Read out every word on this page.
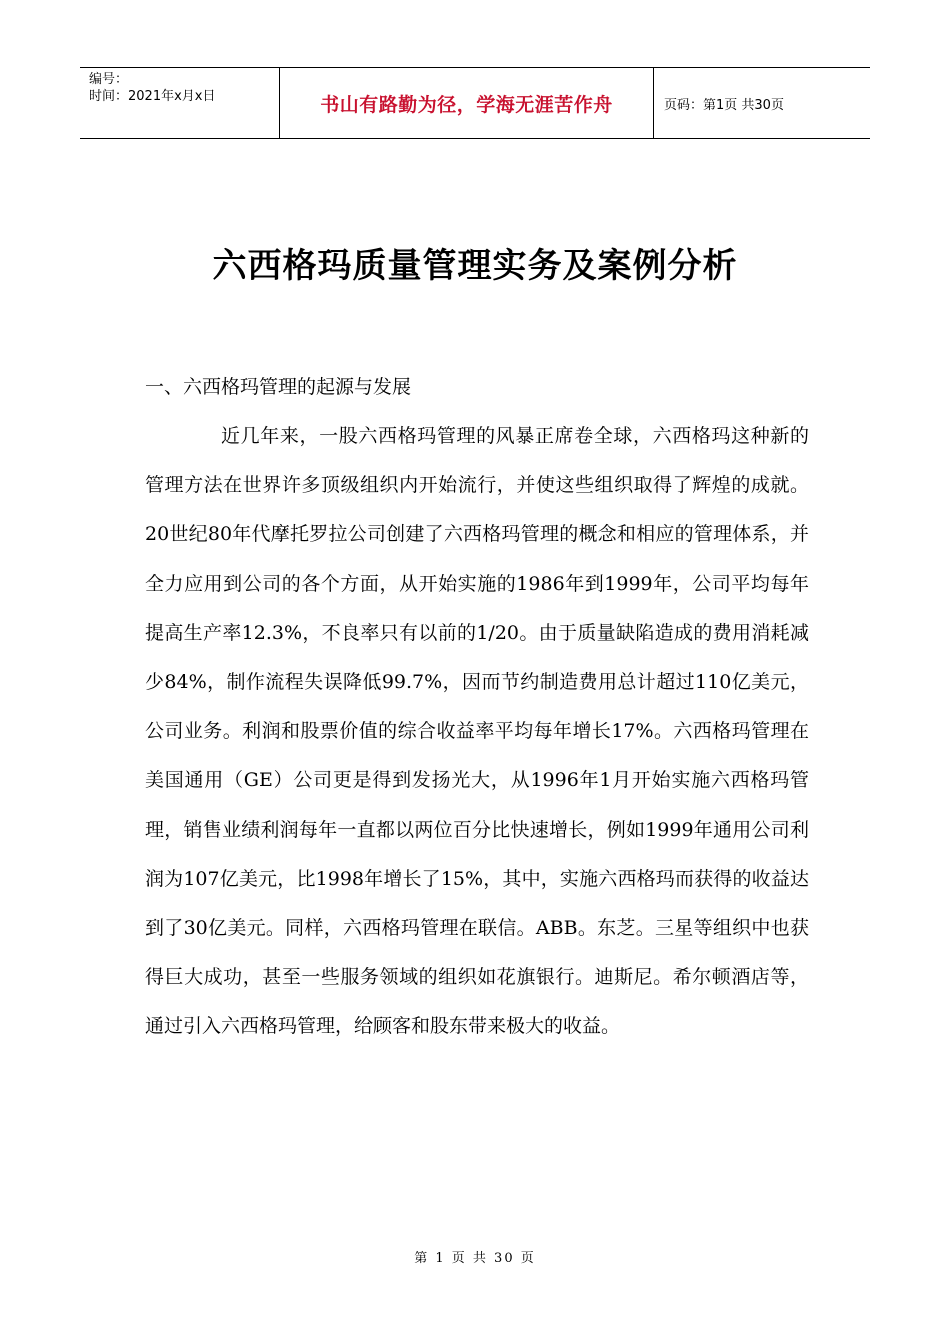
编号：
时间：2021年x月x日	书山有路勤为径，学海无涯苦作舟	页码：第1页 共30页
六西格玛质量管理实务及案例分析
一、六西格玛管理的起源与发展

近几年来，一股六西格玛管理的风暴正席卷全球，六西格玛这种新的管理方法在世界许多顶级组织内开始流行，并使这些组织取得了辉煌的成就。20世纪80年代摩托罗拉公司创建了六西格玛管理的概念和相应的管理体系，并全力应用到公司的各个方面，从开始实施的1986年到1999年，公司平均每年提高生产率12.3%，不良率只有以前的1/20。由于质量缺陷造成的费用消耗减少84%，制作流程失误降低99.7%，因而节约制造费用总计超过110亿美元，公司业务。利润和股票价值的综合收益率平均每年增长17%。六西格玛管理在美国通用（GE）公司更是得到发扬光大，从1996年1月开始实施六西格玛管理，销售业绩利润每年一直都以两位百分比快速增长，例如1999年通用公司利润为107亿美元，比1998年增长了15%，其中，实施六西格玛而获得的收益达到了30亿美元。同样，六西格玛管理在联信。ABB。东芝。三星等组织中也获得巨大成功，甚至一些服务领域的组织如花旗银行。迪斯尼。希尔顿酒店等，通过引入六西格玛管理，给顾客和股东带来极大的收益。

第 1 页 共 30 页
